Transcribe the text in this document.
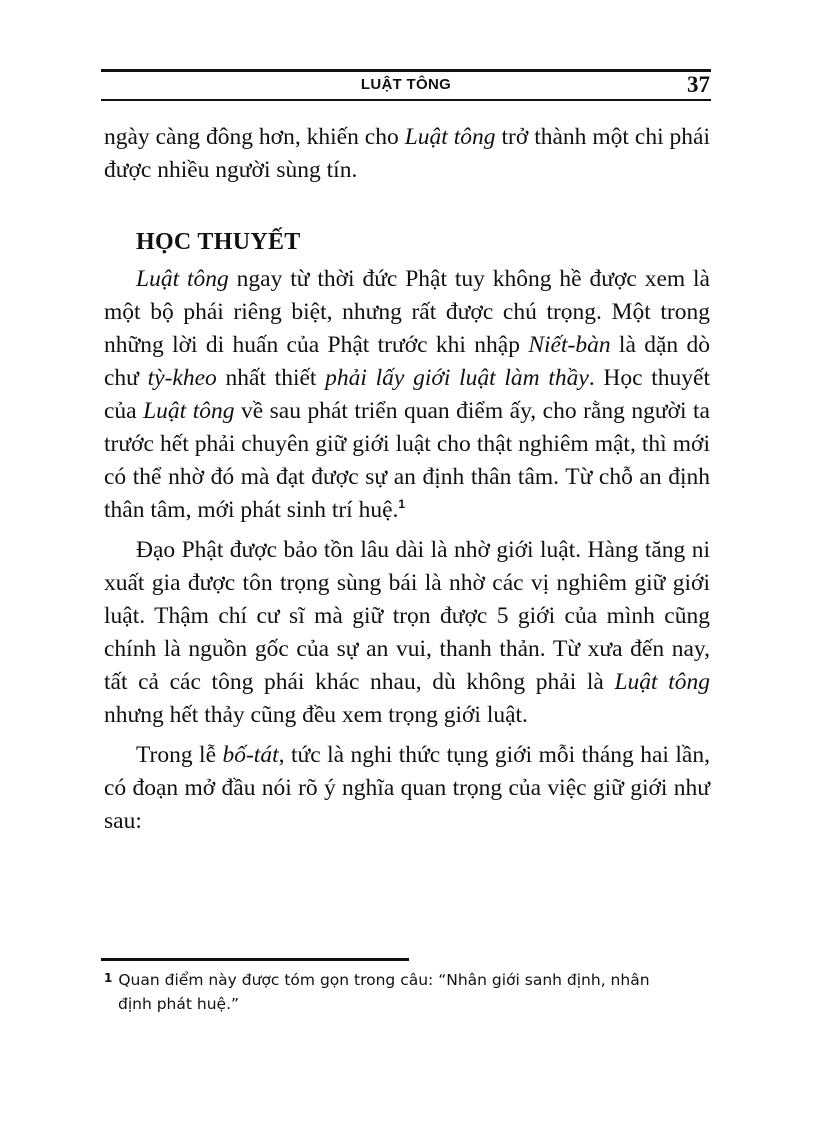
LUẬT TÔNG	37

ngày càng đông hơn, khiến cho Luật tông trở thành một chi phái được nhiều người sùng tín.

HỌC THUYẾT

Luật tông ngay từ thời đức Phật tuy không hề được xem là một bộ phái riêng biệt, nhưng rất được chú trọng. Một trong những lời di huấn của Phật trước khi nhập Niết-bàn là dặn dò chư tỳ-kheo nhất thiết phải lấy giới luật làm thầy. Học thuyết của Luật tông về sau phát triển quan điểm ấy, cho rằng người ta trước hết phải chuyên giữ giới luật cho thật nghiêm mật, thì mới có thể nhờ đó mà đạt được sự an định thân tâm. Từ chỗ an định thân tâm, mới phát sinh trí huệ.$^1$

Đạo Phật được bảo tồn lâu dài là nhờ giới luật. Hàng tăng ni xuất gia được tôn trọng sùng bái là nhờ các vị nghiêm giữ giới luật. Thậm chí cư sĩ mà giữ trọn được 5 giới của mình cũng chính là nguồn gốc của sự an vui, thanh thản. Từ xưa đến nay, tất cả các tông phái khác nhau, dù không phải là Luật tông nhưng hết thảy cũng đều xem trọng giới luật.

Trong lễ bố-tát, tức là nghi thức tụng giới mỗi tháng hai lần, có đoạn mở đầu nói rõ ý nghĩa quan trọng của việc giữ giới như sau:

$^1$ Quan điểm này được tóm gọn trong câu: “Nhân giới sanh định, nhân
định phát huệ.”
